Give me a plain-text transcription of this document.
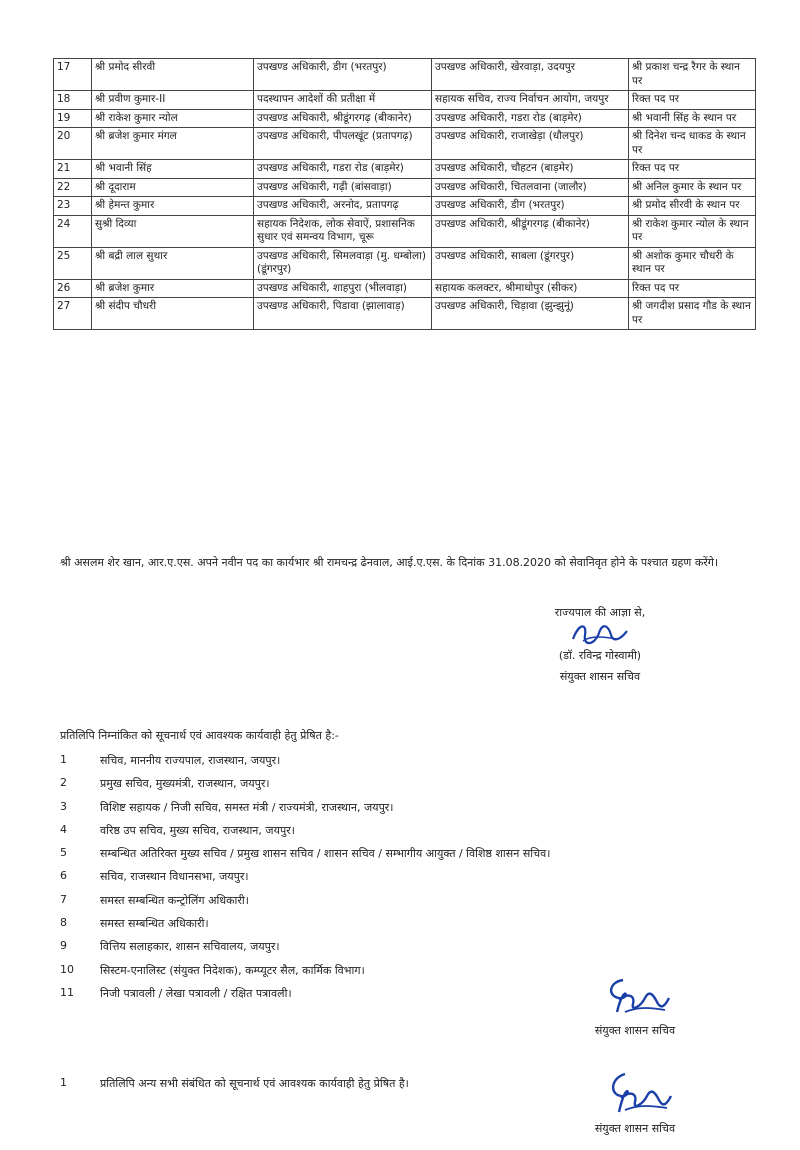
17	श्री प्रमोद सीरवी	उपखण्ड अधिकारी, डीग (भरतपुर)	उपखण्ड अधिकारी, खेरवाड़ा, उदयपुर	श्री प्रकाश चन्द्र रैगर के स्थान पर
18	श्री प्रवीण कुमार-II	पदस्थापन आदेशों की प्रतीक्षा में	सहायक सचिव, राज्य निर्वाचन आयोग, जयपुर	रिक्त पद पर
19	श्री राकेश कुमार न्योल	उपखण्ड अधिकारी, श्रीडूंगरगढ़ (बीकानेर)	उपखण्ड अधिकारी, गडरा रोड (बाड़मेर)	श्री भवानी सिंह के स्थान पर
20	श्री ब्रजेश कुमार मंगल	उपखण्ड अधिकारी, पीपलखूंट (प्रतापगढ़)	उपखण्ड अधिकारी, राजाखेड़ा (धौलपुर)	श्री दिनेश चन्द धाकड के स्थान पर
21	श्री भवानी सिंह	उपखण्ड अधिकारी, गडरा रोड (बाड़मेर)	उपखण्ड अधिकारी, चौहटन (बाड़मेर)	रिक्त पद पर
22	श्री दूदाराम	उपखण्ड अधिकारी, गढ़ी (बांसवाड़ा)	उपखण्ड अधिकारी, चितलवाना (जालौर)	श्री अनिल कुमार के स्थान पर
23	श्री हेमन्त कुमार	उपखण्ड अधिकारी, अरनोद, प्रतापगढ़	उपखण्ड अधिकारी, डीग (भरतपुर)	श्री प्रमोद सीरवी के स्थान पर
24	सुश्री दिव्या	सहायक निदेशक, लोक सेवाऐं, प्रशासनिक सुधार एवं समन्वय विभाग, चूरू	उपखण्ड अधिकारी, श्रीडूंगरगढ़ (बीकानेर)	श्री राकेश कुमार न्योल के स्थान पर
25	श्री बद्री लाल सुथार	उपखण्ड अधिकारी, सिमलवाड़ा (मु. धम्बोला) (डूंगरपुर)	उपखण्ड अधिकारी, साबला (डूंगरपुर)	श्री अशोक कुमार चौधरी के स्थान पर
26	श्री ब्रजेश कुमार	उपखण्ड अधिकारी, शाहपुरा (भीलवाड़ा)	सहायक कलक्टर, श्रीमाधोपुर (सीकर)	रिक्त पद पर
27	श्री संदीप चौधरी	उपखण्ड अधिकारी, पिडावा (झालावाड़)	उपखण्ड अधिकारी, चिड़ावा (झुन्झुनूं)	श्री जगदीश प्रसाद गौड के स्थान पर
श्री असलम शेर खान, आर.ए.एस. अपने नवीन पद का कार्यभार श्री रामचन्द्र ढेनवाल, आई.ए.एस. के दिनांक 31.08.2020 को सेवानिवृत होने के पश्चात ग्रहण करेंगे।
राज्यपाल की आज्ञा से,
(डॉ. रविन्द्र गोस्वामी)
संयुक्त शासन सचिव
प्रतिलिपि निम्नांकित को सूचनार्थ एवं आवश्यक कार्यवाही हेतु प्रेषित है:-
1	सचिव, माननीय राज्यपाल, राजस्थान, जयपुर।
2	प्रमुख सचिव, मुख्यमंत्री, राजस्थान, जयपुर।
3	विशिष्ट सहायक / निजी सचिव, समस्त मंत्री / राज्यमंत्री, राजस्थान, जयपुर।
4	वरिष्ठ उप सचिव, मुख्य सचिव, राजस्थान, जयपुर।
5	सम्बन्धित अतिरिक्त मुख्य सचिव / प्रमुख शासन सचिव / शासन सचिव / सम्भागीय आयुक्त / विशिष्ठ शासन सचिव।
6	सचिव, राजस्थान विधानसभा, जयपुर।
7	समस्त सम्बन्धित कन्ट्रोलिंग अधिकारी।
8	समस्त सम्बन्धित अधिकारी।
9	वित्तिय सलाहकार, शासन सचिवालय, जयपुर।
10	सिस्टम-एनालिस्ट (संयुक्त निदेशक), कम्प्यूटर सैल, कार्मिक विभाग।
11	निजी पत्रावली / लेखा पत्रावली / रक्षित पत्रावली।
संयुक्त शासन सचिव
1	प्रतिलिपि अन्य सभी संबंधित को सूचनार्थ एवं आवश्यक कार्यवाही हेतु प्रेषित है।
संयुक्त शासन सचिव
